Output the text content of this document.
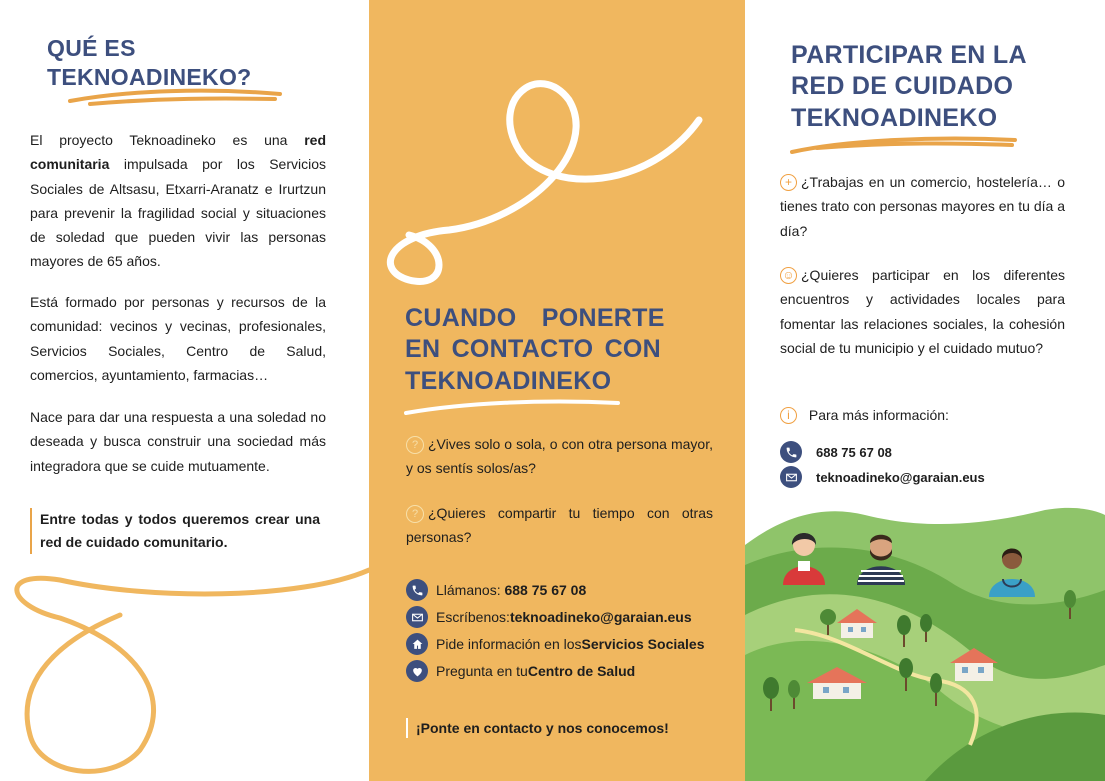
QUÉ ES
TEKNOADINEKO?

El proyecto Teknoadineko es una red comunitaria impulsada por los Servicios Sociales de Altsasu, Etxarri-Aranatz e Irurtzun para prevenir la fragilidad social y situaciones de soledad que pueden vivir las personas mayores de 65 años.

Está formado por personas y recursos de la comunidad: vecinos y vecinas, profesionales, Servicios Sociales, Centro de Salud, comercios, ayuntamiento, farmacias…

Nace para dar una respuesta a una soledad no deseada y busca construir una sociedad más integradora que se cuide mutuamente.

Entre todas y todos queremos crear una red de cuidado comunitario.
CUANDO PONERTE
EN CONTACTO CON
TEKNOADINEKO

? ¿Vives solo o sola, o con otra persona mayor, y os sentís solos/as?

? ¿Quieres compartir tu tiempo con otras personas?

Llámanos:
688 75 67 08
Escríbenos: teknoadineko@garaian.eus
Pide información en los Servicios Sociales
Pregunta en tu Centro de Salud
¡Ponte en contacto y nos conocemos!
PARTICIPAR EN LA
RED DE CUIDADO
TEKNOADINEKO

+ ¿Trabajas en un comercio, hostelería… o tienes trato con personas mayores en tu día a día?

☺ ¿Quieres participar en los diferentes encuentros y actividades locales para fomentar las relaciones sociales, la cohesión social de tu municipio y el cuidado mutuo?

i Para más información:
688 75 67 08
teknoadineko@garaian.eus
